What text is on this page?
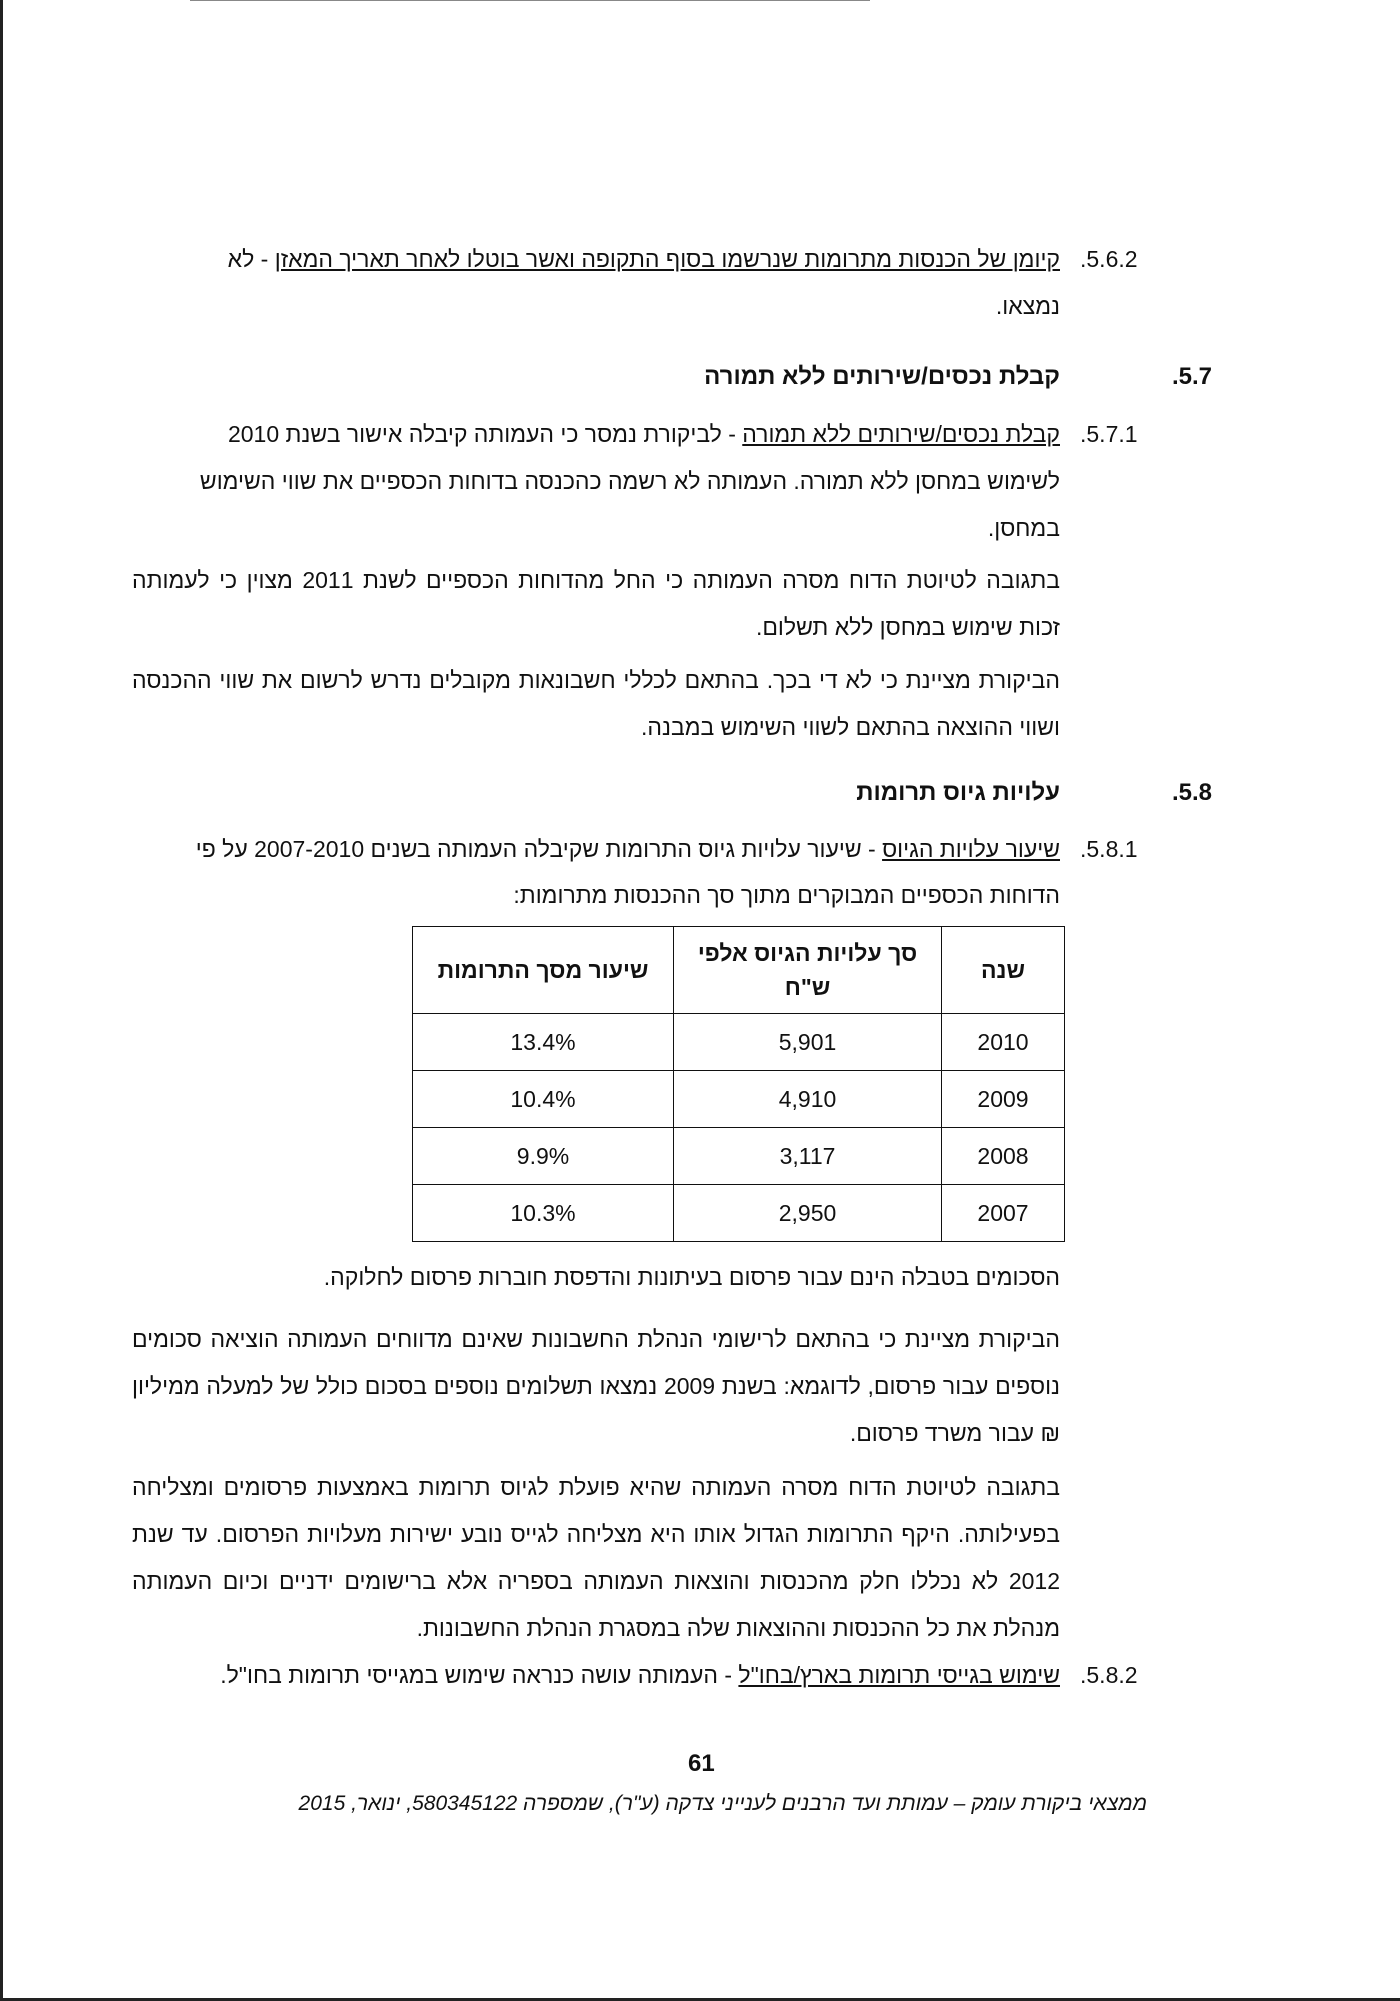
.5.6.2
קיומן של הכנסות מתרומות שנרשמו בסוף התקופה ואשר בוטלו לאחר תאריך המאזן - לא
נמצאו.
.5.7
קבלת נכסים/שירותים ללא תמורה
.5.7.1
קבלת נכסים/שירותים ללא תמורה - לביקורת נמסר כי העמותה קיבלה אישור בשנת 2010
לשימוש במחסן ללא תמורה. העמותה לא רשמה כהכנסה בדוחות הכספיים את שווי השימוש
במחסן.
בתגובה לטיוטת הדוח מסרה העמותה כי החל מהדוחות הכספיים לשנת 2011 מצוין כי לעמותה זכות שימוש במחסן ללא תשלום.
הביקורת מציינת כי לא די בכך. בהתאם לכללי חשבונאות מקובלים נדרש לרשום את שווי ההכנסה ושווי ההוצאה בהתאם לשווי השימוש במבנה.
.5.8
עלויות גיוס תרומות
.5.8.1
שיעור עלויות הגיוס - שיעור עלויות גיוס התרומות שקיבלה העמותה בשנים 2007-2010 על פי
הדוחות הכספיים המבוקרים מתוך סך ההכנסות מתרומות:
שנה	סך עלויות הגיוס אלפי ש"ח	שיעור מסך התרומות
2010	5,901	13.4%
2009	4,910	10.4%
2008	3,117	9.9%
2007	2,950	10.3%
הסכומים בטבלה הינם עבור פרסום בעיתונות והדפסת חוברות פרסום לחלוקה.
הביקורת מציינת כי בהתאם לרישומי הנהלת החשבונות שאינם מדווחים העמותה הוציאה סכומים נוספים עבור פרסום, לדוגמא: בשנת 2009 נמצאו תשלומים נוספים בסכום כולל של למעלה ממיליון ₪ עבור משרד פרסום.
בתגובה לטיוטת הדוח מסרה העמותה שהיא פועלת לגיוס תרומות באמצעות פרסומים ומצליחה בפעילותה. היקף התרומות הגדול אותו היא מצליחה לגייס נובע ישירות מעלויות הפרסום. עד שנת 2012 לא נכללו חלק מהכנסות והוצאות העמותה בספריה אלא ברישומים ידניים וכיום העמותה מנהלת את כל ההכנסות וההוצאות שלה במסגרת הנהלת החשבונות.
.5.8.2
שימוש בגייסי תרומות בארץ/בחו"ל - העמותה עושה כנראה שימוש במגייסי תרומות בחו"ל.
61
ממצאי ביקורת עומק – עמותת ועד הרבנים לענייני צדקה (ע"ר), שמספרה 580345122, ינואר, 2015
